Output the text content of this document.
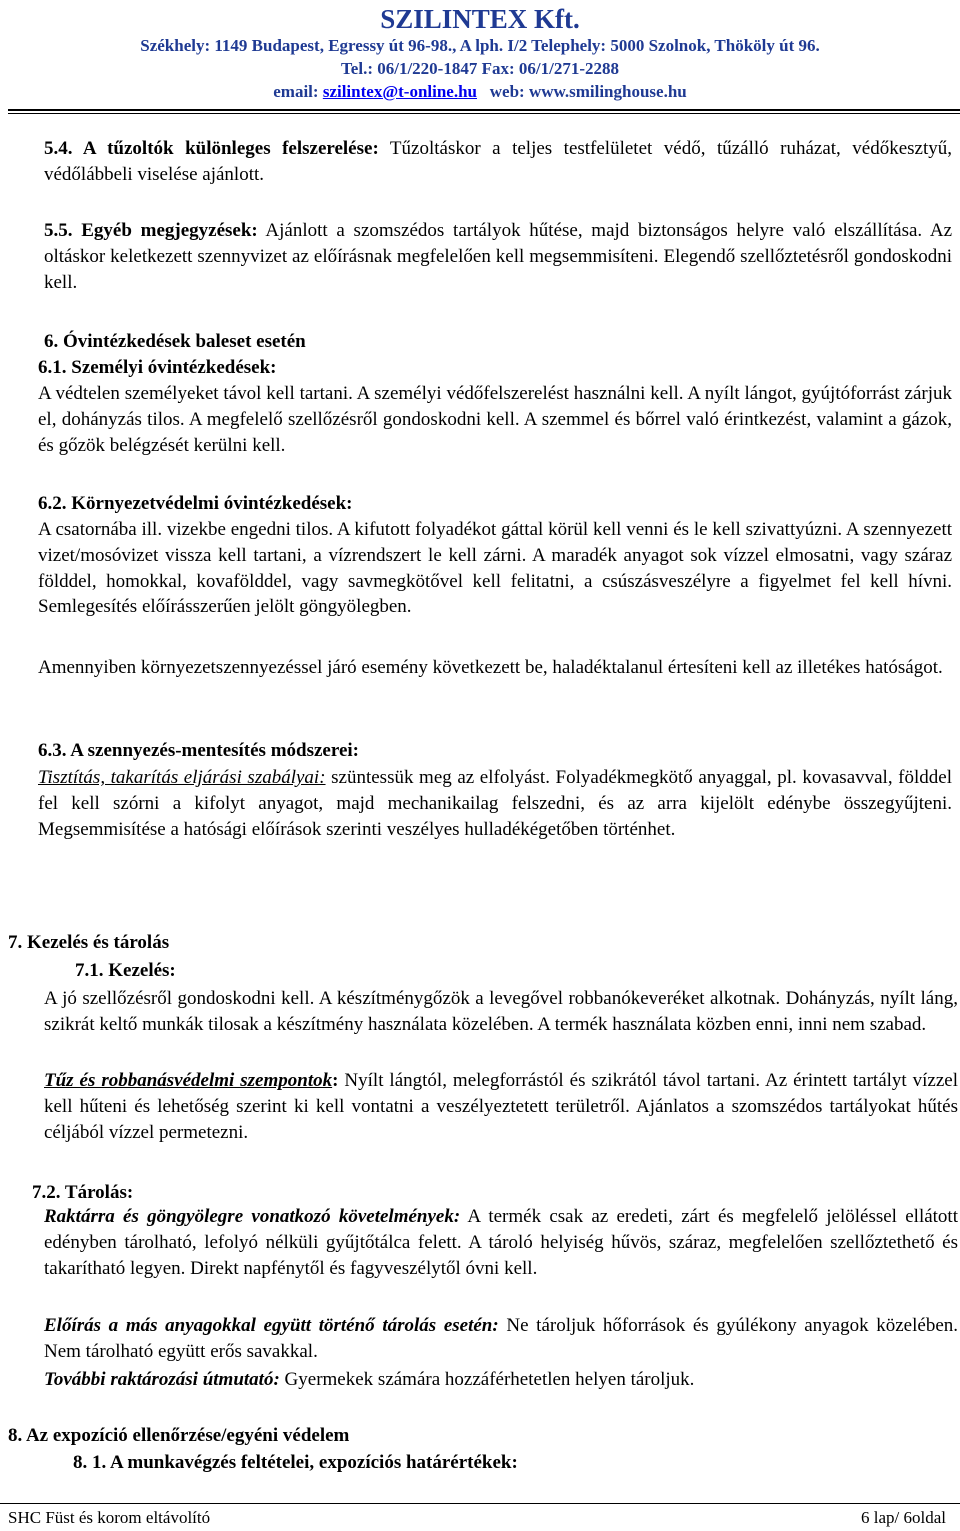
SZILINTEX Kft.
Székhely: 1149 Budapest, Egressy út 96-98., A lph. I/2 Telephely: 5000 Szolnok, Thököly út 96.
Tel.: 06/1/220-1847 Fax: 06/1/271-2288
email: szilintex@t-online.hu web: www.smilinghouse.hu
5.4. A tűzoltók különleges felszerelése: Tűzoltáskor a teljes testfelületet védő, tűzálló ruházat, védőkesztyű, védőlábbeli viselése ajánlott.
5.5. Egyéb megjegyzések: Ajánlott a szomszédos tartályok hűtése, majd biztonságos helyre való elszállítása. Az oltáskor keletkezett szennyvizet az előírásnak megfelelően kell megsemmisíteni. Elegendő szellőztetésről gondoskodni kell.
6. Óvintézkedések baleset esetén
6.1. Személyi óvintézkedések:
A védtelen személyeket távol kell tartani. A személyi védőfelszerelést használni kell. A nyílt lángot, gyújtóforrást zárjuk el, dohányzás tilos. A megfelelő szellőzésről gondoskodni kell. A szemmel és bőrrel való érintkezést, valamint a gázok, és gőzök belégzését kerülni kell.
6.2. Környezetvédelmi óvintézkedések:
A csatornába ill. vizekbe engedni tilos. A kifutott folyadékot gáttal körül kell venni és le kell szivattyúzni. A szennyezett vizet/mosóvizet vissza kell tartani, a vízrendszert le kell zárni. A maradék anyagot sok vízzel elmosatni, vagy száraz földdel, homokkal, kovafölddel, vagy savmegkötővel kell felitatni, a csúszásveszélyre a figyelmet fel kell hívni. Semlegesítés előírásszerűen jelölt göngyölegben.
Amennyiben környezetszennyezéssel járó esemény következett be, haladéktalanul értesíteni kell az illetékes hatóságot.
6.3. A szennyezés-mentesítés módszerei:
Tisztítás, takarítás eljárási szabályai: szüntessük meg az elfolyást. Folyadékmegkötő anyaggal, pl. kovasavval, földdel fel kell szórni a kifolyt anyagot, majd mechanikailag felszedni, és az arra kijelölt edénybe összegyűjteni. Megsemmisítése a hatósági előírások szerinti veszélyes hulladékégetőben történhet.
7. Kezelés és tárolás
7.1. Kezelés:
A jó szellőzésről gondoskodni kell. A készítménygőzök a levegővel robbanókeveréket alkotnak. Dohányzás, nyílt láng, szikrát keltő munkák tilosak a készítmény használata közelében. A termék használata közben enni, inni nem szabad.
Tűz és robbanásvédelmi szempontok: Nyílt lángtól, melegforrástól és szikrától távol tartani. Az érintett tartályt vízzel kell hűteni és lehetőség szerint ki kell vontatni a veszélyeztetett területről. Ajánlatos a szomszédos tartályokat hűtés céljából vízzel permetezni.
7.2. Tárolás:
Raktárra és göngyölegre vonatkozó követelmények: A termék csak az eredeti, zárt és megfelelő jelöléssel ellátott edényben tárolható, lefolyó nélküli gyűjtőtálca felett. A tároló helyiség hűvös, száraz, megfelelően szellőztethető és takarítható legyen. Direkt napfénytől és fagyveszélytől óvni kell.
Előírás a más anyagokkal együtt történő tárolás esetén: Ne tároljuk hőforrások és gyúlékony anyagok közelében. Nem tárolható együtt erős savakkal.
További raktározási útmutató: Gyermekek számára hozzáférhetetlen helyen tároljuk.
8. Az expozíció ellenőrzése/egyéni védelem
8. 1. A munkavégzés feltételei, expozíciós határértékek:
SHC Füst és korom eltávolító	6 lap/ 6oldal
